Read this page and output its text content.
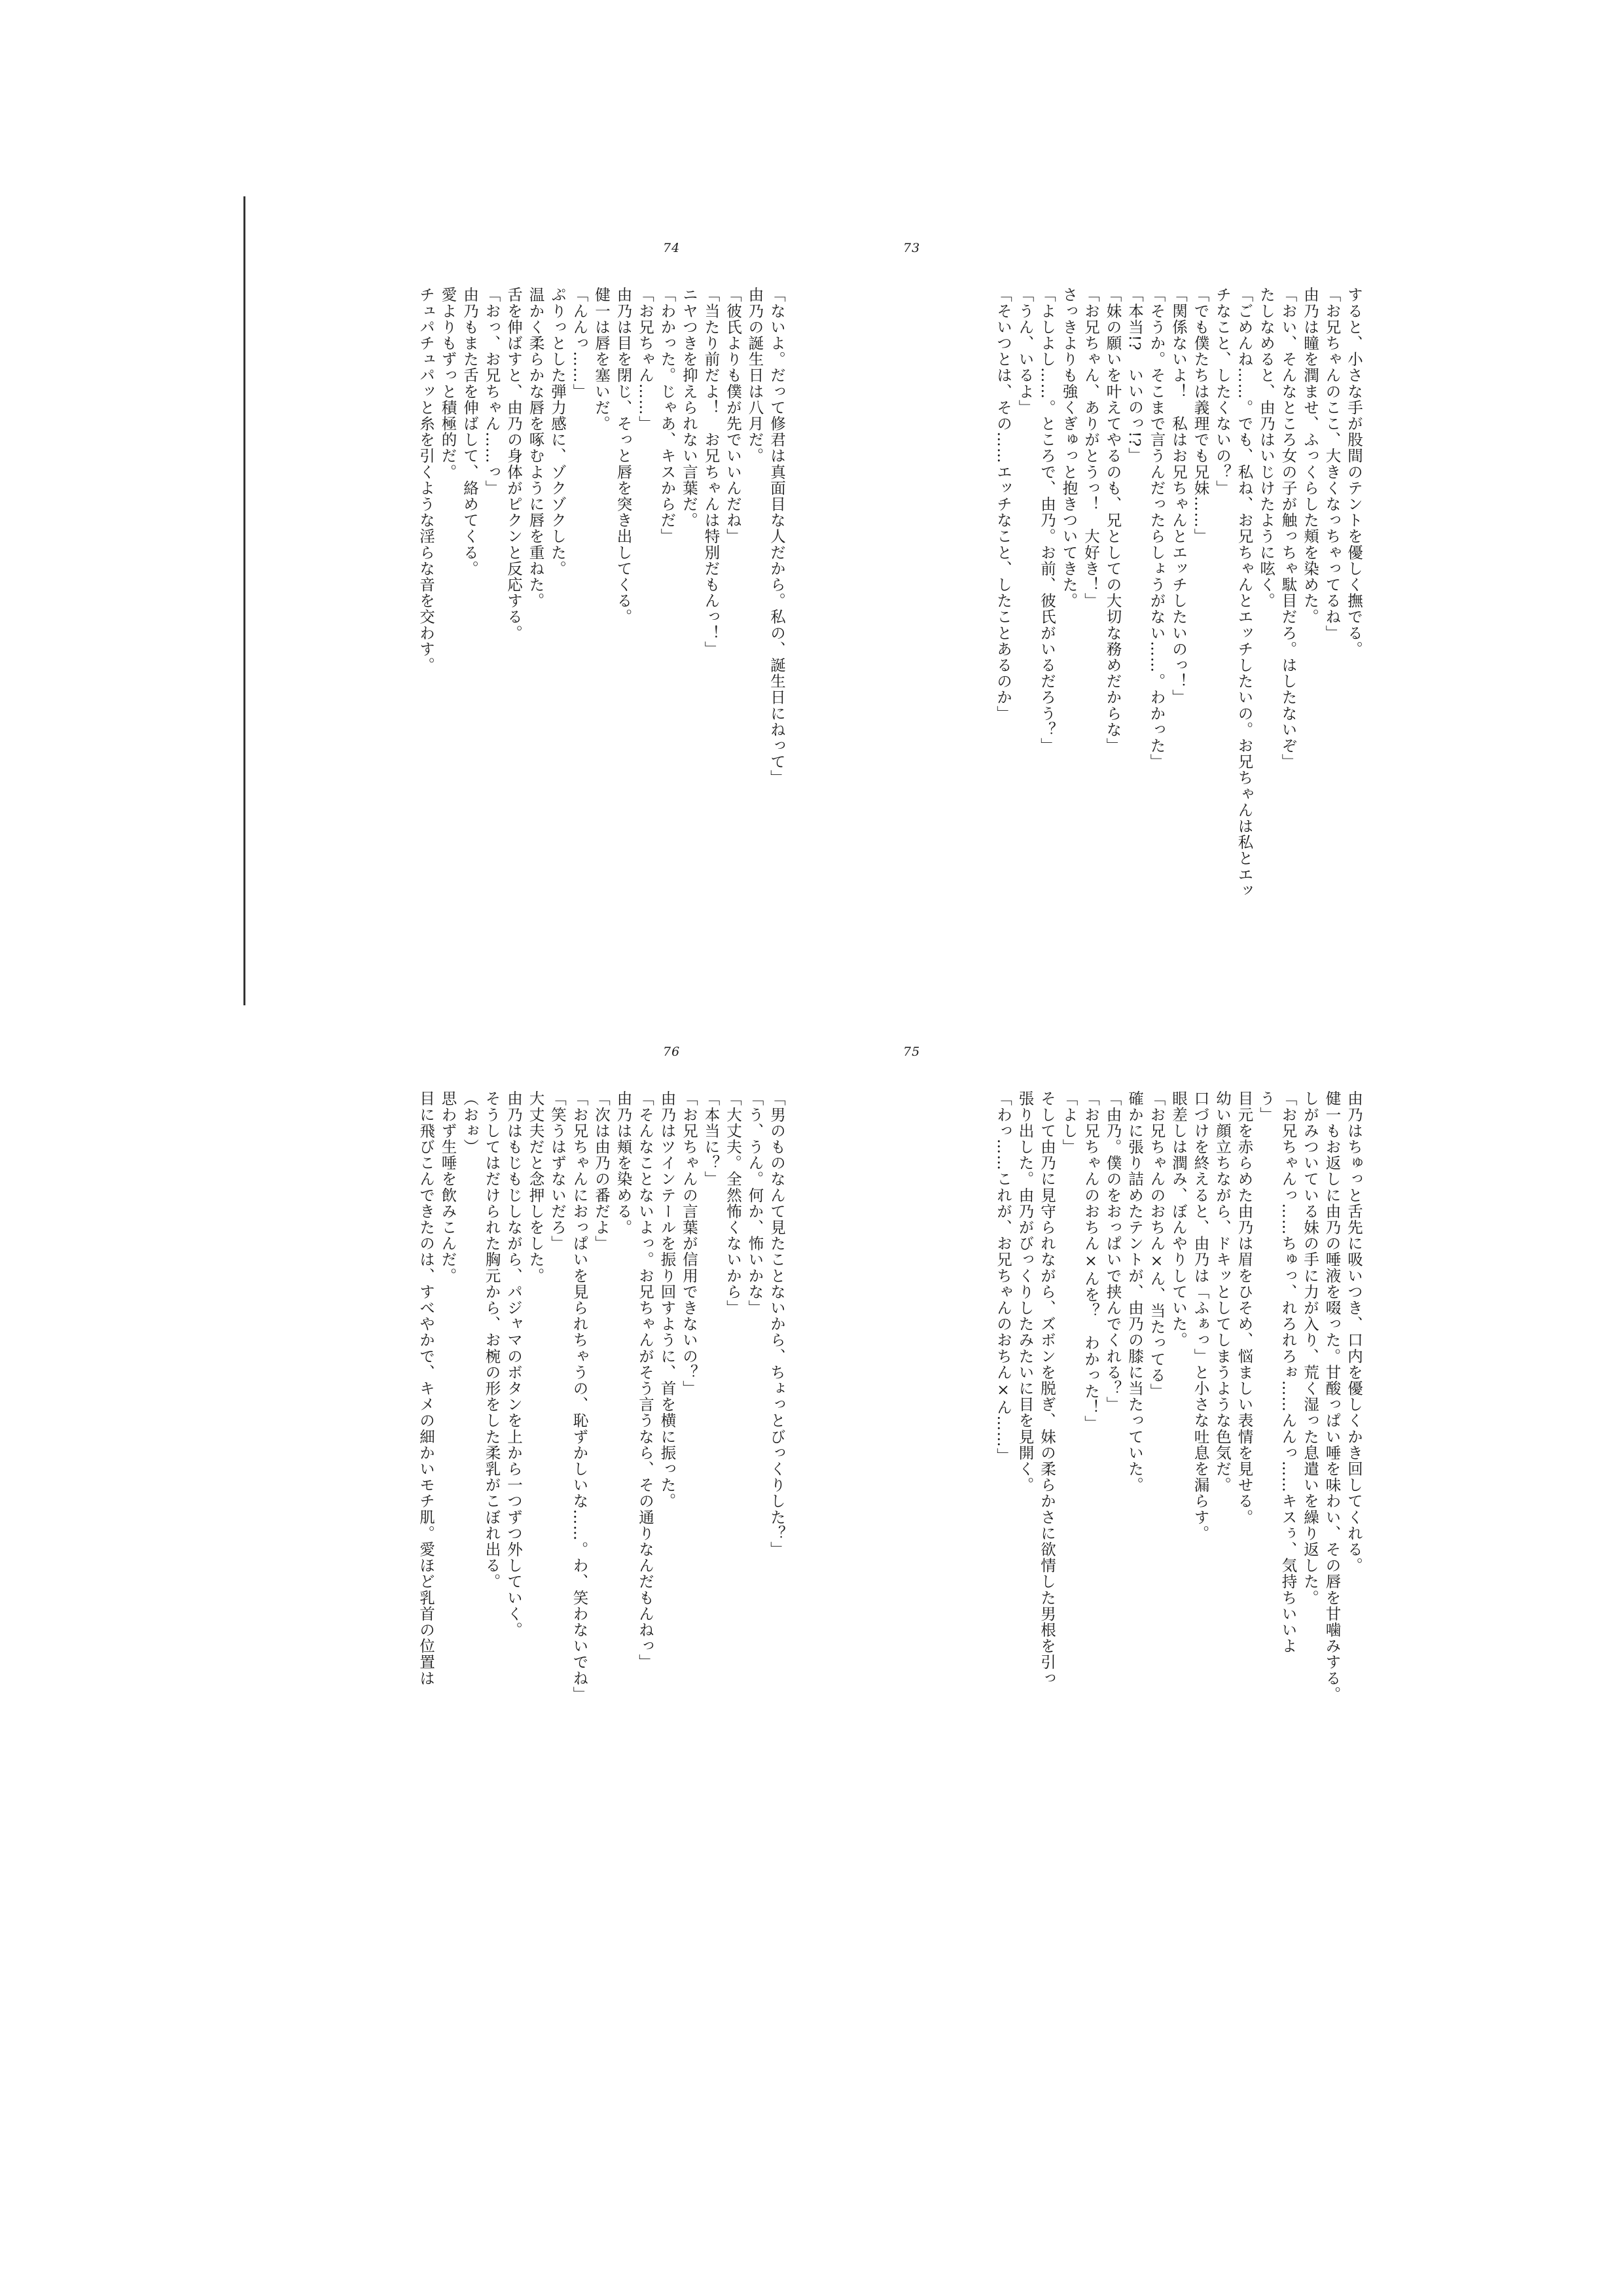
73
すると、小さな手が股間のテントを優しく撫でる。
「お兄ちゃんのここ、大きくなっちゃってるね」
由乃は瞳を潤ませ、ふっくらした頬を染めた。
「おい、そんなところ女の子が触っちゃ駄目だろ。はしたないぞ」
たしなめると、由乃はいじけたように呟く。
「ごめんね……。でも、私ね、お兄ちゃんとエッチしたいの。お兄ちゃんは私とエッ
チなこと、したくないの？」
「でも僕たちは義理でも兄妹……」
「関係ないよ！　私はお兄ちゃんとエッチしたいのっ！」
「そうか。そこまで言うんだったらしょうがない……。わかった」
「本当!?　いいのっ!?」
「妹の願いを叶えてやるのも、兄としての大切な務めだからな」
「お兄ちゃん、ありがとうっ！　大好き！」
さっきよりも強くぎゅっと抱きついてきた。
「よしよし……。ところで、由乃。お前、彼氏がいるだろう？」
「うん、いるよ」
「そいつとは、その……エッチなこと、したことあるのか」
74
「ないよ。だって修君は真面目な人だから。私の、誕生日にねって」
由乃の誕生日は八月だ。
「彼氏よりも僕が先でいいんだね」
「当たり前だよ！　お兄ちゃんは特別だもんっ！」
ニヤつきを抑えられない言葉だ。
「わかった。じゃあ、キスからだ」
「お兄ちゃん……」
由乃は目を閉じ、そっと唇を突き出してくる。
健一は唇を塞いだ。
「んんっ……」
ぷりっとした弾力感に、ゾクゾクした。
温かく柔らかな唇を啄むように唇を重ねた。
舌を伸ばすと、由乃の身体がピクンと反応する。
「おっ、お兄ちゃん……っ」
由乃もまた舌を伸ばして、絡めてくる。
愛よりもずっと積極的だ。
チュパチュパッと糸を引くような淫らな音を交わす。
75
由乃はちゅっと舌先に吸いつき、口内を優しくかき回してくれる。
健一もお返しに由乃の唾液を啜った。甘酸っぱい唾を味わい、その唇を甘噛みする。
しがみついている妹の手に力が入り、荒く湿った息遣いを繰り返した。
「お兄ちゃんっ……ちゅっ、れろれろぉ……んんっ……キスぅ、気持ちいいよ
う」
目元を赤らめた由乃は眉をひそめ、悩ましい表情を見せる。
幼い顔立ちながら、ドキッとしてしまうような色気だ。
口づけを終えると、由乃は「ふぁっ」と小さな吐息を漏らす。
眼差しは潤み、ぼんやりしていた。
「お兄ちゃんのおちん×ん、当たってる」
確かに張り詰めたテントが、由乃の膝に当たっていた。
「由乃。僕のをおっぱいで挟んでくれる？」
「お兄ちゃんのおちん×んを？　わかった！」
「よし」
そして由乃に見守られながら、ズボンを脱ぎ、妹の柔らかさに欲情した男根を引っ
張り出した。由乃がびっくりしたみたいに目を見開く。
「わっ……これが、お兄ちゃんのおちん×ん……」
76
「男のものなんて見たことないから、ちょっとびっくりした？」
「う、うん。何か、怖いかな」
「大丈夫。全然怖くないから」
「本当に？」
「お兄ちゃんの言葉が信用できないの？」
由乃はツインテールを振り回すように、首を横に振った。
「そんなことないよっ。お兄ちゃんがそう言うなら、その通りなんだもんねっ」
由乃は頬を染める。
「次は由乃の番だよ」
「お兄ちゃんにおっぱいを見られちゃうの、恥ずかしいな……。わ、笑わないでね」
「笑うはずないだろ」
大丈夫だと念押しをした。
由乃はもじもじしながら、パジャマのボタンを上から一つずつ外していく。
そうしてはだけられた胸元から、お椀の形をした柔乳がこぼれ出る。
（おぉ）
思わず生唾を飲みこんだ。
目に飛びこんできたのは、すべやかで、キメの細かいモチ肌。愛ほど乳首の位置は
